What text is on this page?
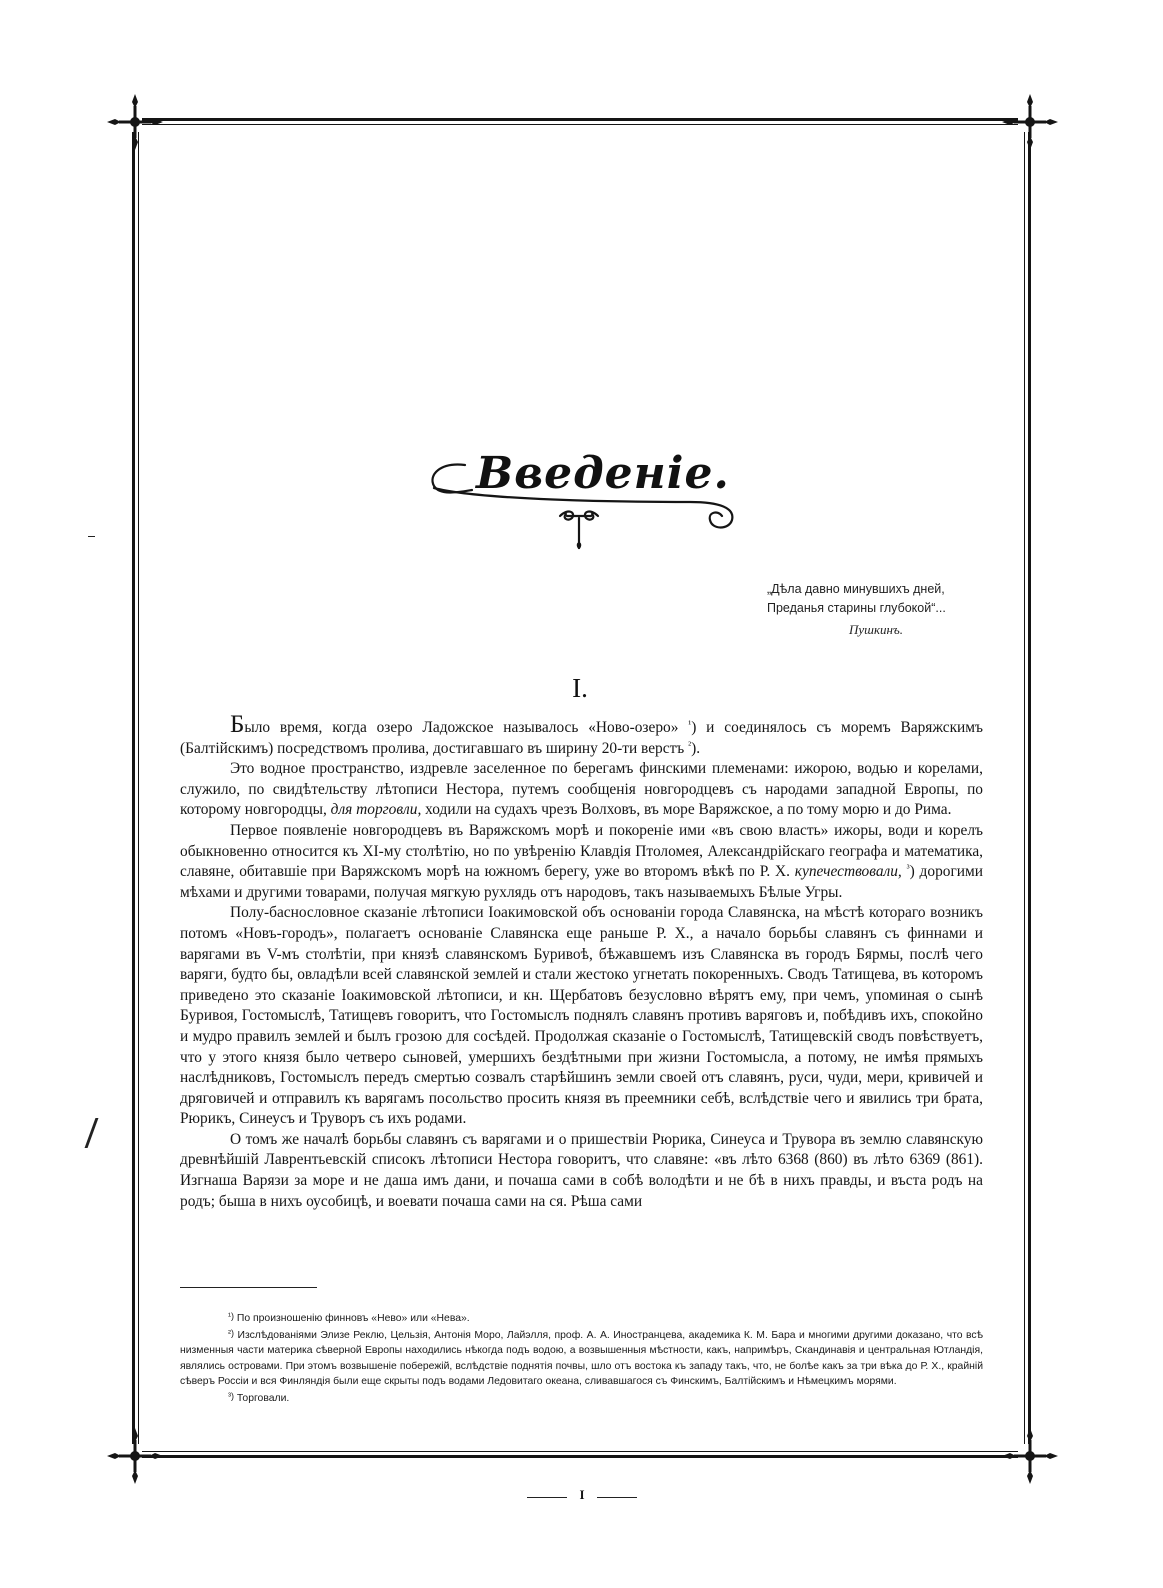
Введеніе.
„Дѣла давно минувшихъ дней,
Преданья старины глубокой“...
Пушкинъ.
I.

Было время, когда озеро Ладожское называлось «Ново-озеро» $^{^1}$) и соединялось съ моремъ Варяжскимъ (Балтійскимъ) посредствомъ пролива, достигавшаго въ ширину 20-ти верстъ $^{^2}$).

Это водное пространство, издревле заселенное по берегамъ финскими племенами: ижорою, водью и корелами, служило, по свидѣтельству лѣтописи Нестора, путемъ сообщенія новгородцевъ съ народами западной Европы, по которому новгородцы, для торговли, ходили на судахъ чрезъ Волховъ, въ море Варяжское, а по тому морю и до Рима.

Первое появленіе новгородцевъ въ Варяжскомъ морѣ и покореніе ими «въ свою власть» ижоры, води и корелъ обыкновенно относится къ XI-му столѣтію, но по увѣренію Клавдія Птоломея, Александрійскаго географа и математика, славяне, обитавшіе при Варяжскомъ морѣ на южномъ берегу, уже во второмъ вѣкѣ по Р. Х. купечествовали, $^{^3}$) дорогими мѣхами и другими товарами, получая мягкую рухлядь отъ народовъ, такъ называемыхъ Бѣлые Угры.

Полу-баснословное сказаніе лѣтописи Іоакимовской объ основаніи города Славянска, на мѣстѣ котораго возникъ потомъ «Новъ-городъ», полагаетъ основаніе Славянска еще раньше Р. Х., а начало борьбы славянъ съ финнами и варягами въ V-мъ столѣтіи, при князѣ славянскомъ Буривоѣ, бѣжавшемъ изъ Славянска въ городъ Бярмы, послѣ чего варяги, будто бы, овладѣли всей славянской землей и стали жестоко угнетать покоренныхъ. Сводъ Татищева, въ которомъ приведено это сказаніе Іоакимовской лѣтописи, и кн. Щербатовъ безусловно вѣрятъ ему, при чемъ, упоминая о сынѣ Буривоя, Гостомыслѣ, Татищевъ говоритъ, что Гостомыслъ поднялъ славянъ противъ варяговъ и, побѣдивъ ихъ, спокойно и мудро правилъ землей и былъ грозою для сосѣдей. Продолжая сказаніе о Гостомыслѣ, Татищевскій сводъ повѣствуетъ, что у этого князя было четверо сыновей, умершихъ бездѣтными при жизни Гостомысла, а потому, не имѣя прямыхъ наслѣдниковъ, Гостомыслъ передъ смертью созвалъ старѣйшинъ земли своей отъ славянъ, руси, чуди, мери, кривичей и дряговичей и отправилъ къ варягамъ посольство просить князя въ преемники себѣ, вслѣдствіе чего и явились три брата, Рюрикъ, Синеусъ и Труворъ съ ихъ родами.

О томъ же началѣ борьбы славянъ съ варягами и о пришествіи Рюрика, Синеуса и Трувора въ землю славянскую древнѣйшій Лаврентьевскій списокъ лѣтописи Нестора говоритъ, что славяне: «въ лѣто 6368 (860) въ лѣто 6369 (861). Изгнаша Варязи за море и не даша имъ дани, и почаша сами в собѣ володѣти и не бѣ в нихъ правды, и въста родъ на родъ; быша в нихъ оусобицѣ, и воевати почаша сами на ся. Рѣша сами

¹) По произношенію финновъ «Нево» или «Нева».

²) Изслѣдованіями Элизе Реклю, Цельзія, Антонія Моро, Лайэлля, проф. А. А. Иностранцева, академика К. М. Бара и многими другими доказано, что всѣ низменныя части материка сѣверной Европы находились нѣкогда подъ водою, а возвышенныя мѣстности, какъ, напримѣръ, Скандинавія и центральная Ютландія, являлись островами. При этомъ возвышеніе побережій, вслѣдствіе поднятія почвы, шло отъ востока къ западу такъ, что, не болѣе какъ за три вѣка до Р. Х., крайній сѣверъ Россіи и вся Финляндія были еще скрыты подъ водами Ледовитаго океана, сливавшагося съ Финскимъ, Балтійскимъ и Нѣмецкимъ морями.

³) Торговали.

I
